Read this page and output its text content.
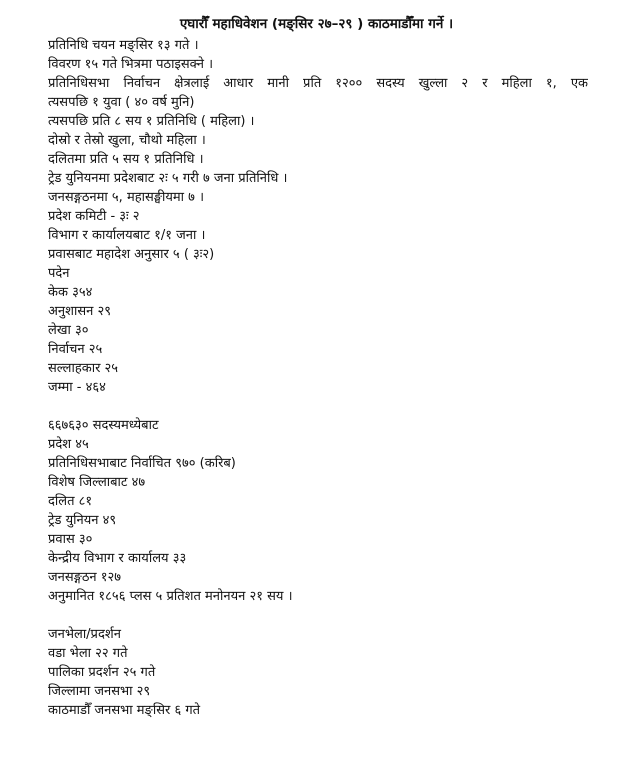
एघारौँ महाधिवेशन (मङ्सिर २७–२९ ) काठमाडौँमा गर्ने ।
प्रतिनिधि चयन मङ्सिर १३ गते ।
विवरण १५ गते भित्रमा पठाइसक्ने ।
प्रतिनिधिसभा निर्वाचन क्षेत्रलाई आधार मानी प्रति १२०० सदस्य खुल्ला २ र महिला १, एक
त्यसपछि १ युवा ( ४० वर्ष मुनि)
त्यसपछि प्रति ८ सय १ प्रतिनिधि ( महिला) ।
दोस्रो र तेस्रो खुला, चौथो महिला ।
दलितमा प्रति ५ सय १ प्रतिनिधि ।
ट्रेड युनियनमा प्रदेशबाट २ः ५ गरी ७ जना प्रतिनिधि ।
जनसङ्गठनमा ५, महासङ्घीयमा ७ ।
प्रदेश कमिटी - ३ः २
विभाग र कार्यालयबाट १/१ जना ।
प्रवासबाट महादेश अनुसार ५ ( ३ः२)
पदेन
केक ३५४
अनुशासन २९
लेखा ३०
निर्वाचन २५
सल्लाहकार २५
जम्मा - ४६४
६६७६३० सदस्यमध्येबाट
प्रदेश ४५
प्रतिनिधिसभाबाट निर्वाचित ९७० (करिब)
विशेष जिल्लाबाट ४७
दलित ८१
ट्रेड युनियन ४९
प्रवास ३०
केन्द्रीय विभाग र कार्यालय ३३
जनसङ्गठन १२७
अनुमानित १८५६ प्लस ५ प्रतिशत मनोनयन २१ सय ।
जनभेला/प्रदर्शन
वडा भेला २२ गते
पालिका प्रदर्शन २५ गते
जिल्लामा जनसभा २९
काठमाडौँ जनसभा मङ्सिर ६ गते
